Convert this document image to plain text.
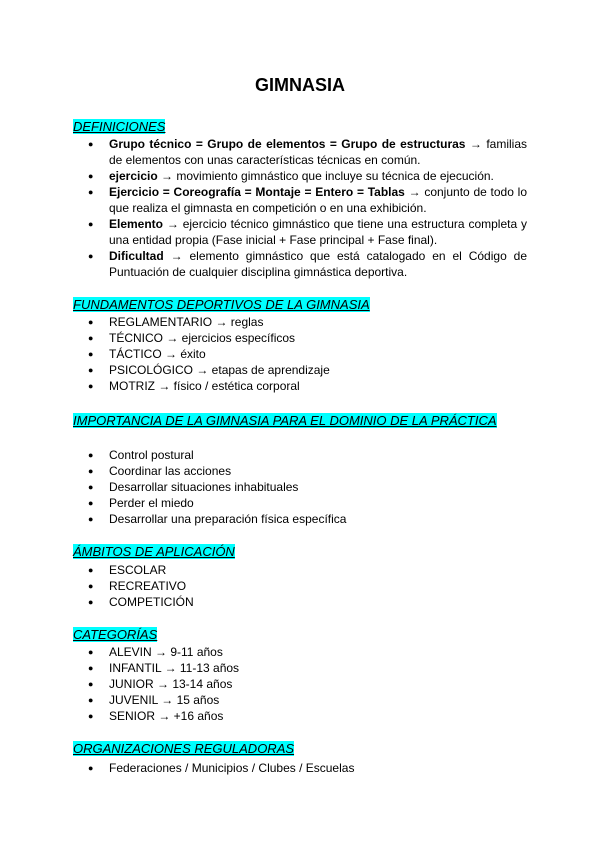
GIMNASIA
DEFINICIONES
● Grupo técnico = Grupo de elementos = Grupo de estructuras → familias de elementos con unas características técnicas en común.
● ejercicio → movimiento gimnástico que incluye su técnica de ejecución.
● Ejercicio = Coreografía = Montaje = Entero = Tablas → conjunto de todo lo que realiza el gimnasta en competición o en una exhibición.
● Elemento → ejercicio técnico gimnástico que tiene una estructura completa y una entidad propia (Fase inicial + Fase principal + Fase final).
● Dificultad → elemento gimnástico que está catalogado en el Código de Puntuación de cualquier disciplina gimnástica deportiva.
FUNDAMENTOS DEPORTIVOS DE LA GIMNASIA
● REGLAMENTARIO → reglas
● TÉCNICO → ejercicios específicos
● TÁCTICO → éxito
● PSICOLÓGICO → etapas de aprendizaje
● MOTRIZ → físico / estética corporal
IMPORTANCIA DE LA GIMNASIA PARA EL DOMINIO DE LA PRÁCTICA
● Control postural
● Coordinar las acciones
● Desarrollar situaciones inhabituales
● Perder el miedo
● Desarrollar una preparación física específica
ÁMBITOS DE APLICACIÓN
● ESCOLAR
● RECREATIVO
● COMPETICIÓN
CATEGORÍAS
● ALEVIN → 9-11 años
● INFANTIL → 11-13 años
● JUNIOR → 13-14 años
● JUVENIL → 15 años
● SENIOR → +16 años
ORGANIZACIONES REGULADORAS
● Federaciones / Municipios / Clubes / Escuelas
